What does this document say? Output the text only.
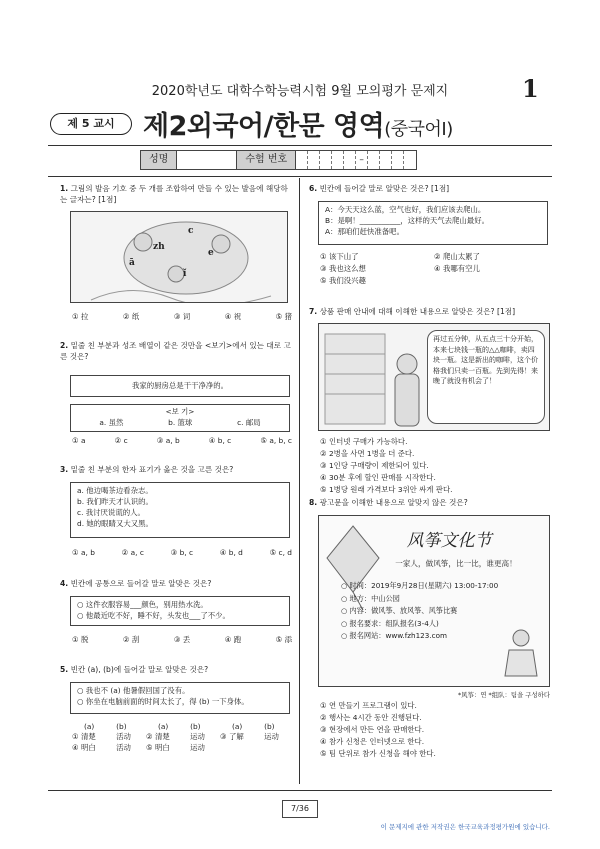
2020학년도 대학수학능력시험 9월 모의평가 문제지	1
제 5 교시	제2외국어/한문 영역(중국어Ⅰ)
성명	수험 번호	–
1. 그림의 발음 기호 중 두 개를 조합하여 만들 수 있는 발음에 해당하는 글자는? [1점]
c
zh
ā
ǐ
e
① 拉	② 纸	③ 词	④ 祝	⑤ 猪
2. 밑줄 친 부분과 성조 배열이 같은 것만을 <보기>에서 있는 대로 고른 것은?
我家的厨房总是干干净净的。
<보 기>
a. 虽然	b. 篮球	c. 邮局
① a	② c	③ a, b	④ b, c	⑤ a, b, c
3. 밑줄 친 부분의 한자 표기가 옳은 것을 고른 것은?
a. 他边喝茶边看杂志。
b. 我们昨天才认识的。
c. 我讨厌说谎的人。
d. 她的眼睛又大又黑。
① a, b	② a, c	③ b, c	④ b, d	⑤ c, d
4. 빈칸에 공통으로 들어갈 말로 알맞은 것은?
○ 这件衣服容易___颜色，别用热水洗。
○ 他最近吃不好，睡不好，头发也___了不少。
① 脱	② 刮	③ 丢	④ 跑	⑤ 添
5. 빈칸 (a), (b)에 들어갈 말로 알맞은 것은?
○ 我也不 (a) 他暑假回国了没有。
○ 你坐在电脑前面的时间太长了，得 (b) 一下身体。
(a)	(b)	(a)	(b)	(a)	(b)
① 清楚	活动	② 清楚	运动	③ 了解	运动
④ 明白	活动	⑤ 明白	运动		
6. 빈칸에 들어갈 말로 알맞은 것은? [1점]
A：今天天这么蓝，空气也好，我们应该去爬山。
B：是啊！___________，这样的天气去爬山最好。
A：那咱们赶快准备吧。
① 该下山了	② 爬山太累了
③ 我也这么想	④ 我哪有空儿
⑤ 我们没兴趣
7. 상품 판매 안내에 대해 이해한 내용으로 알맞은 것은? [1점]
再过五分钟，从五点三十分开始，本来七块钱一瓶的△△咖啡，卖四块一瓶。这是新出的咖啡，这个价格我们只卖一百瓶。先到先得！来晚了就没有机会了！
① 인터넷 구매가 가능하다.
② 2병을 사면 1병을 더 준다.
③ 1인당 구매량이 제한되어 있다.
④ 30분 후에 할인 판매를 시작한다.
⑤ 1병당 원래 가격보다 3위안 싸게 판다.
8. 광고문을 이해한 내용으로 알맞지 않은 것은?
风筝文化节
一家人，做风筝，比一比，谁更高！
○ 时间：2019年9月28日(星期六) 13:00-17:00
○ 地方：中山公园
○ 内容：做风筝、放风筝、风筝比赛
○ 报名要求：组队报名(3-4人)
○ 报名网站：www.fzh123.com
*风筝：연 *组队：팀을 구성하다
① 연 만들기 프로그램이 있다.
② 행사는 4시간 동안 진행된다.
③ 현장에서 만든 연을 판매한다.
④ 참가 신청은 인터넷으로 한다.
⑤ 팀 단위로 참가 신청을 해야 한다.
7/36
이 문제지에 관한 저작권은 한국교육과정평가원에 있습니다.
